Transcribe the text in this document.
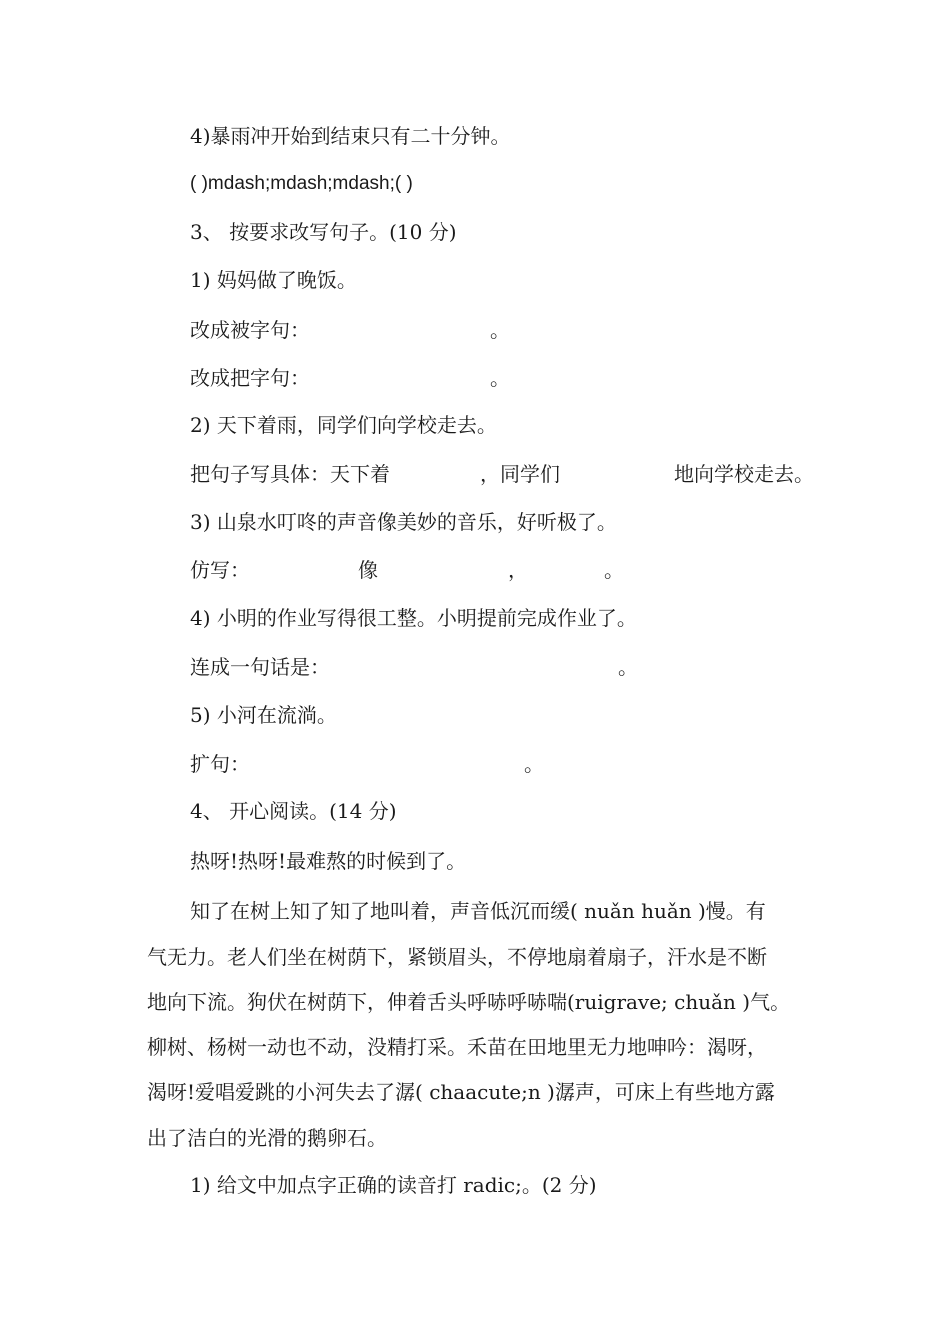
4)暴雨冲开始到结束只有二十分钟。

( )mdash;mdash;mdash;( )

3、 按要求改写句子。(10 分)

1) 妈妈做了晚饭。

改成被字句：	。
改成把字句：	。

2) 天下着雨，同学们向学校走去。

把句子写具体：天下着	，同学们	地向学校走去。

3) 山泉水叮咚的声音像美妙的音乐，好听极了。

仿写：	像	，	。

4) 小明的作业写得很工整。小明提前完成作业了。

连成一句话是：	。

5) 小河在流淌。

扩句：	。

4、 开心阅读。(14 分)

热呀!热呀!最难熬的时候到了。

知了在树上知了知了地叫着，声音低沉而缓( nuǎn huǎn )慢。有

气无力。老人们坐在树荫下，紧锁眉头，不停地扇着扇子，汗水是不断

地向下流。狗伏在树荫下，伸着舌头呼哧呼哧喘(ruigrave; chuǎn )气。

柳树、杨树一动也不动，没精打采。禾苗在田地里无力地呻吟：渴呀，

渴呀!爱唱爱跳的小河失去了潺( chaacute;n )潺声，可床上有些地方露

出了洁白的光滑的鹅卵石。

1) 给文中加点字正确的读音打 radic;。(2 分)
